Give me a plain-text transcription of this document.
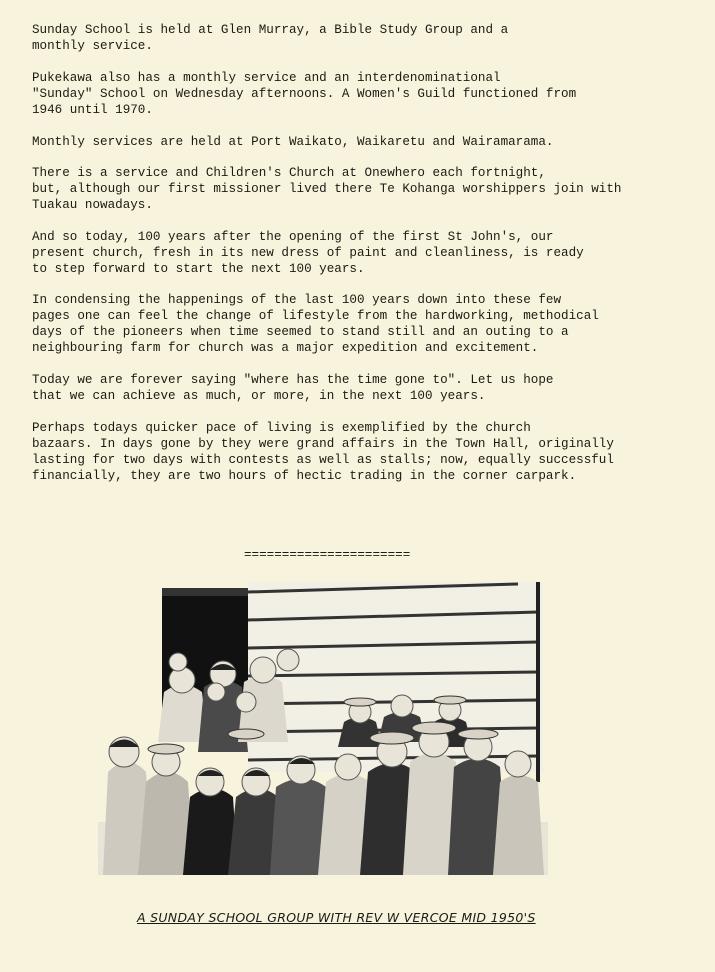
Sunday School is held at Glen Murray, a Bible Study Group and a
monthly service.

Pukekawa also has a monthly service and an interdenominational
"Sunday" School on Wednesday afternoons. A Women's Guild functioned from
1946 until 1970.

Monthly services are held at Port Waikato, Waikaretu and Wairamarama.

There is a service and Children's Church at Onewhero each fortnight,
but, although our first missioner lived there Te Kohanga worshippers join with
Tuakau nowadays.

And so today, 100 years after the opening of the first St John's, our
present church, fresh in its new dress of paint and cleanliness, is ready
to step forward to start the next 100 years.

In condensing the happenings of the last 100 years down into these few
pages one can feel the change of lifestyle from the hardworking, methodical
days of the pioneers when time seemed to stand still and an outing to a
neighbouring farm for church was a major expedition and excitement.

Today we are forever saying "where has the time gone to". Let us hope
that we can achieve as much, or more, in the next 100 years.

Perhaps todays quicker pace of living is exemplified by the church
bazaars. In days gone by they were grand affairs in the Town Hall, originally
lasting for two days with contests as well as stalls; now, equally successful
financially, they are two hours of hectic trading in the corner carpark.

======================
A SUNDAY SCHOOL GROUP WITH REV W VERCOE MID 1950'S
